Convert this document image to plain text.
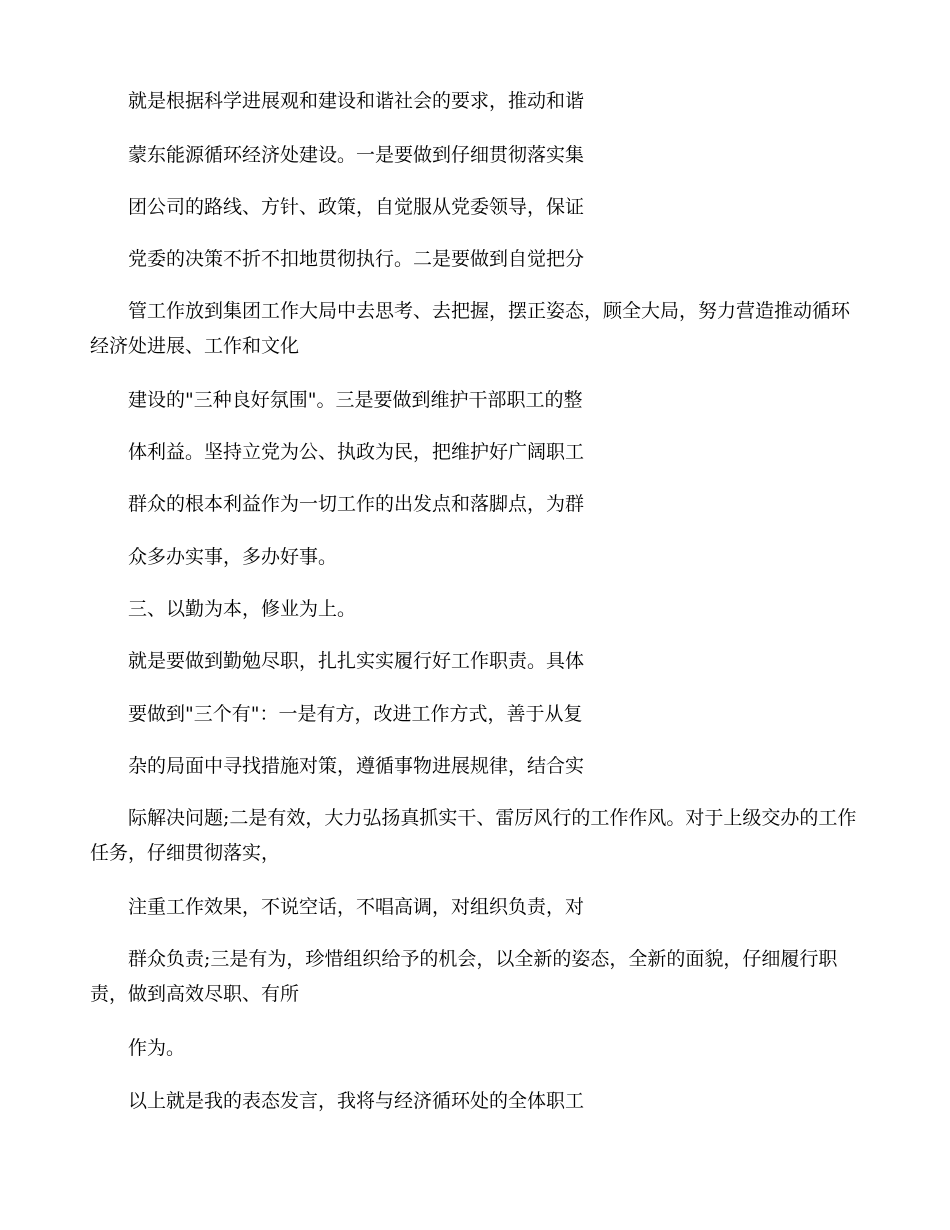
就是根据科学进展观和建设和谐社会的要求，推动和谐

蒙东能源循环经济处建设。一是要做到仔细贯彻落实集

团公司的路线、方针、政策，自觉服从党委领导，保证

党委的决策不折不扣地贯彻执行。二是要做到自觉把分

管工作放到集团工作大局中去思考、去把握，摆正姿态，顾全大局，努力营造推动循环经济处进展、工作和文化

建设的"三种良好氛围"。三是要做到维护干部职工的整

体利益。坚持立党为公、执政为民，把维护好广阔职工

群众的根本利益作为一切工作的出发点和落脚点，为群

众多办实事，多办好事。

三、以勤为本，修业为上。

就是要做到勤勉尽职，扎扎实实履行好工作职责。具体

要做到"三个有"：一是有方，改进工作方式，善于从复

杂的局面中寻找措施对策，遵循事物进展规律，结合实

际解决问题;二是有效，大力弘扬真抓实干、雷厉风行的工作作风。对于上级交办的工作任务，仔细贯彻落实，

注重工作效果，不说空话，不唱高调，对组织负责，对

群众负责;三是有为，珍惜组织给予的机会，以全新的姿态，全新的面貌，仔细履行职责，做到高效尽职、有所

作为。

以上就是我的表态发言，我将与经济循环处的全体职工
